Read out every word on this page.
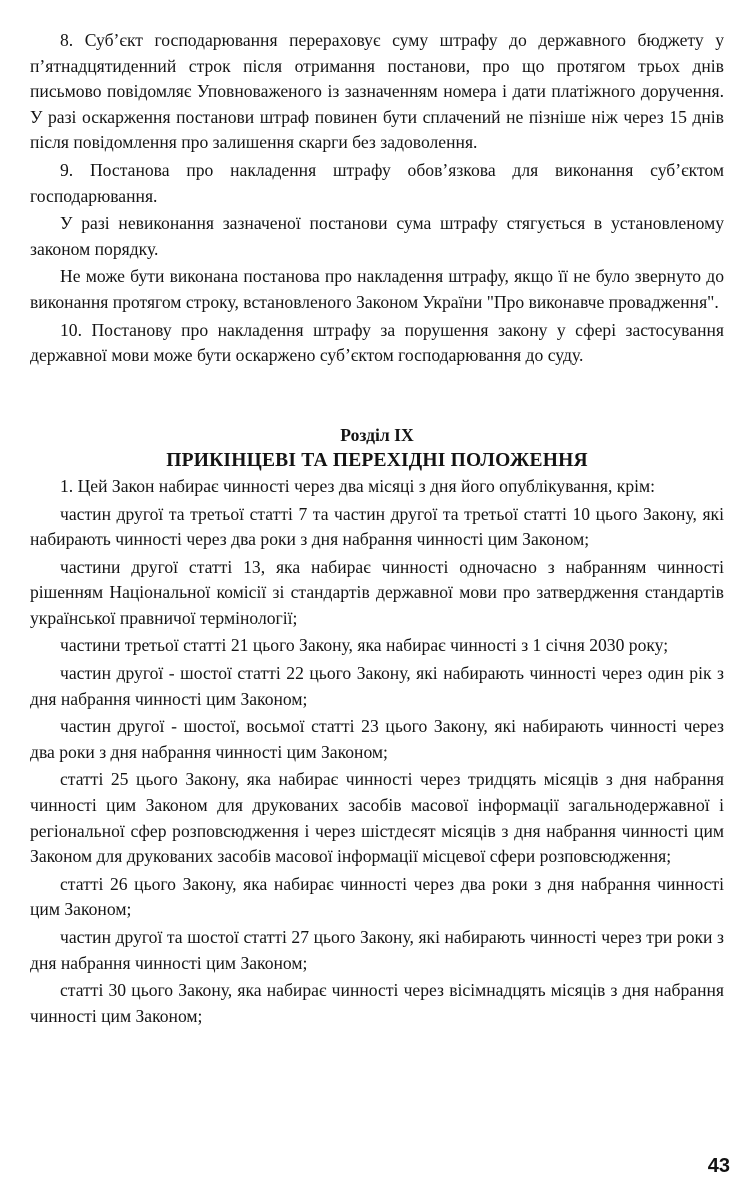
8. Суб’єкт господарювання перераховує суму штрафу до державного бюджету у п’ятнадцятиденний строк після отримання постанови, про що протягом трьох днів письмово повідомляє Уповноваженого із зазначенням номера і дати платіжного доручення. У разі оскарження постанови штраф повинен бути сплачений не пізніше ніж через 15 днів після повідомлення про залишення скарги без задоволення.

9. Постанова про накладення штрафу обов’язкова для виконання суб’єктом господарювання.

У разі невиконання зазначеної постанови сума штрафу стягується в установленому законом порядку.

Не може бути виконана постанова про накладення штрафу, якщо її не було звернуто до виконання протягом строку, встановленого Законом України "Про виконавче провадження".

10. Постанову про накладення штрафу за порушення закону у сфері застосування державної мови може бути оскаржено суб’єктом господарювання до суду.

Розділ IX

ПРИКІНЦЕВІ ТА ПЕРЕХІДНІ ПОЛОЖЕННЯ

1. Цей Закон набирає чинності через два місяці з дня його опублікування, крім:

частин другої та третьої статті 7 та частин другої та третьої статті 10 цього Закону, які набирають чинності через два роки з дня набрання чинності цим Законом;

частини другої статті 13, яка набирає чинності одночасно з набранням чинності рішенням Національної комісії зі стандартів державної мови про затвердження стандартів української правничої термінології;

частини третьої статті 21 цього Закону, яка набирає чинності з 1 січня 2030 року;

частин другої - шостої статті 22 цього Закону, які набирають чинності через один рік з дня набрання чинності цим Законом;

частин другої - шостої, восьмої статті 23 цього Закону, які набирають чинності через два роки з дня набрання чинності цим Законом;

статті 25 цього Закону, яка набирає чинності через тридцять місяців з дня набрання чинності цим Законом для друкованих засобів масової інформації загальнодержавної і регіональної сфер розповсюдження і через шістдесят місяців з дня набрання чинності цим Законом для друкованих засобів масової інформації місцевої сфери розповсюдження;

статті 26 цього Закону, яка набирає чинності через два роки з дня набрання чинності цим Законом;

частин другої та шостої статті 27 цього Закону, які набирають чинності через три роки з дня набрання чинності цим Законом;

статті 30 цього Закону, яка набирає чинності через вісімнадцять місяців з дня набрання чинності цим Законом;

43
